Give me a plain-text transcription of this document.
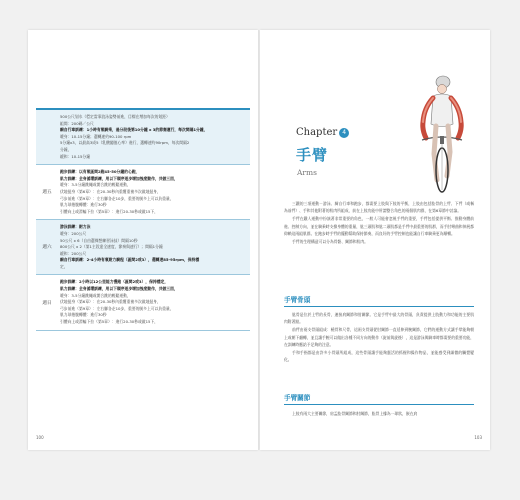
500公尺划水（穩定當事浪泳姿勢前進，目標在增加每次的划距）
組間：200碼／公尺
騎自行車訓練：1小時有氧騎乘，過分段後第10分鐘 x 3的節奏運行，每次間隔1分鐘，
暖身：10-15分鐘；選轉速約90-100 rpm
5分鐘x3，以最高3成5（乳酸閾值心率）進行，選轉速約90rpm，每次間隔2
分鐘，
緩和：10-15分鐘
週五
跑步訓練：以有氧區間2跑45-50分鐘的心跑，
肌力訓練：全身循環訓練，用以下順序逐步增加強度動作，共做三回，
暖身：3-5分鐘跳繩或開合跳的輕鬆運動，
伏地挺身（第6章）：在20-30秒內重覆重複多次做地挺身，
弓步前進（第9章）：左右腳各走10步，重要的腿多上可以負重量，
肌力球捲腹轉體：進行30秒
引體向上或滑輪下拉（第5章）：進行20-30秒或做15下，
週六
游泳訓練：耐力泳
暖身：200公尺
50公尺 x 6（自由選擇想練習泳技）間隔10秒
800公尺 x 2（第1主段達全速度，節奏與速行）；間隔1分鐘
緩和：200公尺
騎自行車訓練：2-4小時有氧耐力騎程（區間2或3），選轉速85-95rpm，保持穩
定，
週日
跑步訓練：2小時以12公里能力慢跑（區間2或3），保持穩定，
肌力訓練：全身循環訓練，用以下順序逐步增加強度動作，共做三回，
暖身：3-5分鐘跳繩或開合跳的輕鬆運動，
伏地挺身（第6章）：在20-30秒內重覆重複多次做地挺身，
弓步前進（第9章）：左右腳各走10步，重要的腿多上可以負重量，
肌力球捲腹轉體：進行30秒
引體向上或滑輪下拉（第5章）：進行20-30秒或做15下，
100
Chapter 4
手臂
Arms

三鐵的三項運動－游泳、騎自行車和跑步，都需要上肢與下肢的平衡，上肢由包括肱骨的上臂、下臂（或稱為前臂）、手和其他附著的肌肉所組成，前在上肢功能中所謂整合角色的兩個肌肉群，在第6章節中討論。

手臂在鐵人運動中扮演著非常重要的角色，一般人可能會忽視手臂的重要，手臂包括提供平衡、推動身體前進、控制方向，並在騎乘時支撐身體的重量，肱三頭肌和肱二頭肌都是手臂中最重要的肌群，而手肘彎曲和伸展都仰賴這兩組肌群。在跑步時手臂的擺動幫助保持節奏，而良好的手臂控制也能讓自行車騎乘更為順暢。

手臂的生理構造可以分為骨骼、關節和肌肉。

手臂骨頭

肱骨是位於上臂的長骨，連接肩關節和肘關節。它是手臂中最大的骨頭，負責提供上肢動力和功能的主要肌肉附著點。

前臂由兩支骨頭組成：橈骨和尺骨，這兩支骨頭從肘關節一直延伸到腕關節，它們的運動方式讓手掌能夠朝上或朝下翻轉，並且讓手腕可以做出各種不同方向的動作（旋前與旋後），這是游泳與騎車時都需要的重要功能，在訓練時應給予足夠的注意。

手和手指都是由許多小骨頭所組成，這些骨頭讓手能夠靈活的抓握和操作物品，並能感受到細微的觸覺變化。

手臂關節

上肢有兩大主要關節，肩盂肱骨關節和肘關節，肱骨上緣為一球狀，嵌在肩

103
